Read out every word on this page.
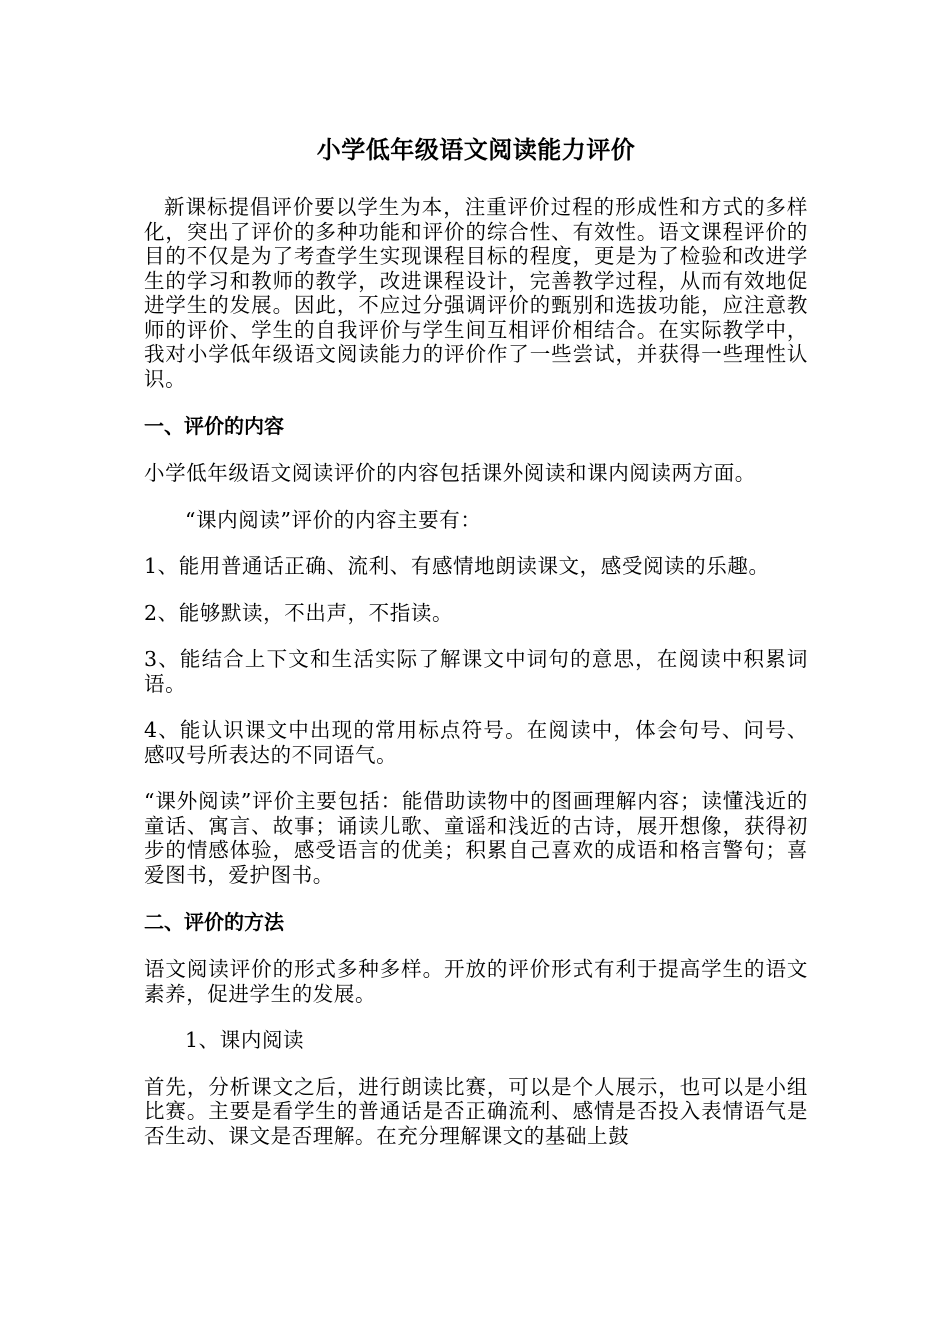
小学低年级语文阅读能力评价

新课标提倡评价要以学生为本，注重评价过程的形成性和方式的多样化，突出了评价的多种功能和评价的综合性、有效性。语文课程评价的目的不仅是为了考查学生实现课程目标的程度，更是为了检验和改进学生的学习和教师的教学，改进课程设计，完善教学过程，从而有效地促进学生的发展。因此，不应过分强调评价的甄别和选拔功能，应注意教师的评价、学生的自我评价与学生间互相评价相结合。在实际教学中，我对小学低年级语文阅读能力的评价作了一些尝试，并获得一些理性认识。

一、评价的内容

小学低年级语文阅读评价的内容包括课外阅读和课内阅读两方面。

“课内阅读”评价的内容主要有：

1、能用普通话正确、流利、有感情地朗读课文，感受阅读的乐趣。

2、能够默读，不出声，不指读。

3、能结合上下文和生活实际了解课文中词句的意思，在阅读中积累词语。

4、能认识课文中出现的常用标点符号。在阅读中，体会句号、问号、感叹号所表达的不同语气。

“课外阅读”评价主要包括：能借助读物中的图画理解内容；读懂浅近的童话、寓言、故事；诵读儿歌、童谣和浅近的古诗，展开想像，获得初步的情感体验，感受语言的优美；积累自己喜欢的成语和格言警句；喜爱图书，爱护图书。

二、评价的方法

语文阅读评价的形式多种多样。开放的评价形式有利于提高学生的语文素养，促进学生的发展。

1、课内阅读

首先，分析课文之后，进行朗读比赛，可以是个人展示，也可以是小组比赛。主要是看学生的普通话是否正确流利、感情是否投入表情语气是否生动、课文是否理解。在充分理解课文的基础上鼓
